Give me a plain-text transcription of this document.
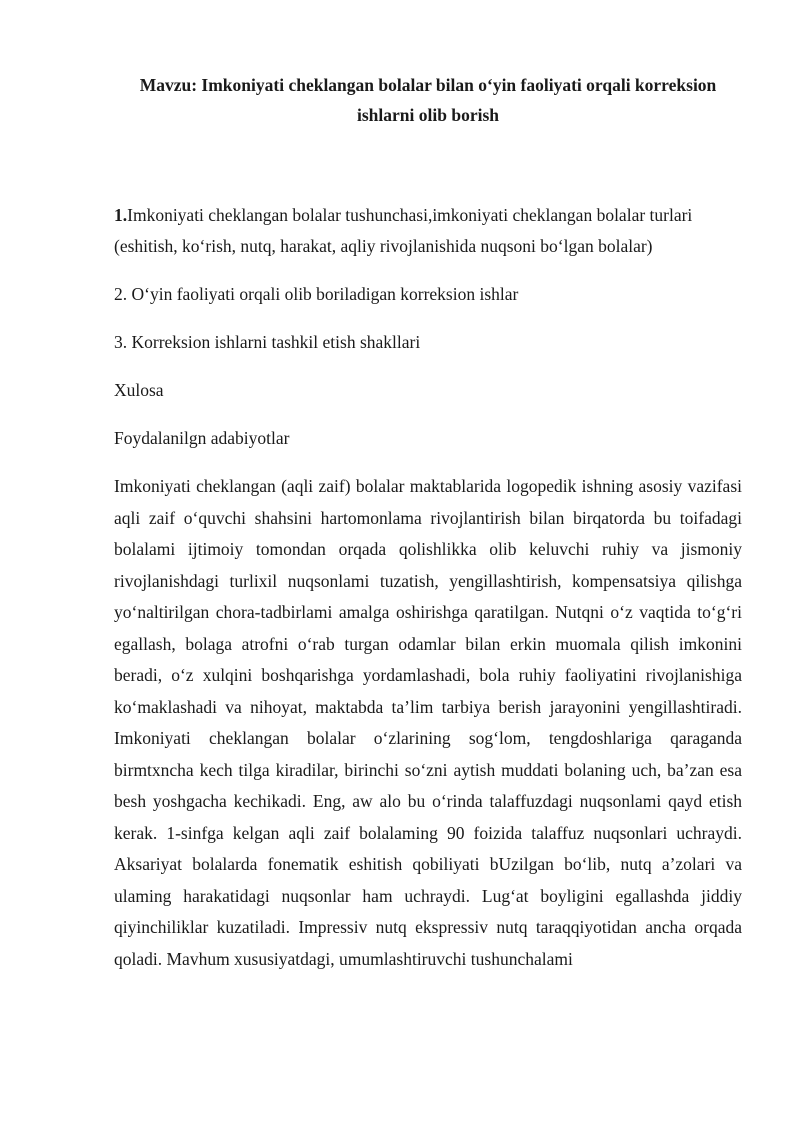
Mavzu: Imkoniyati cheklangan bolalar bilan o‘yin faoliyati orqali korreksion ishlarni olib borish

1.Imkoniyati cheklangan bolalar tushunchasi,imkoniyati cheklangan bolalar turlari (eshitish, ko‘rish, nutq, harakat, aqliy rivojlanishida nuqsoni bo‘lgan bolalar)

2. O‘yin faoliyati orqali olib boriladigan korreksion ishlar

3. Korreksion ishlarni tashkil etish shakllari

Xulosa

Foydalanilgn adabiyotlar

Imkoniyati cheklangan (aqli zaif) bolalar maktablarida logopedik ishning asosiy vazifasi aqli zaif o‘quvchi shahsini hartomonlama rivojlantirish bilan birqatorda bu toifadagi bolalami ijtimoiy tomondan orqada qolishlikka olib keluvchi ruhiy va jismoniy rivojlanishdagi turlixil nuqsonlami tuzatish, yengillashtirish, kompensatsiya qilishga yo‘naltirilgan chora-tadbirlami amalga oshirishga qaratilgan. Nutqni o‘z vaqtida to‘g‘ri egallash, bolaga atrofni o‘rab turgan odamlar bilan erkin muomala qilish imkonini beradi, o‘z xulqini boshqarishga yordamlashadi, bola ruhiy faoliyatini rivojlanishiga ko‘maklashadi va nihoyat, maktabda ta’lim tarbiya berish jarayonini yengillashtiradi. Imkoniyati cheklangan bolalar o‘zlarining sog‘lom, tengdoshlariga qaraganda birmtxncha kech tilga kiradilar, birinchi so‘zni aytish muddati bolaning uch, ba’zan esa besh yoshgacha kechikadi. Eng, aw alo bu o‘rinda talaffuzdagi nuqsonlami qayd etish kerak. 1-sinfga kelgan aqli zaif bolalaming 90 foizida talaffuz nuqsonlari uchraydi. Aksariyat bolalarda fonematik eshitish qobiliyati bUzilgan bo‘lib, nutq a’zolari va ulaming harakatidagi nuqsonlar ham uchraydi. Lug‘at boyligini egallashda jiddiy qiyinchiliklar kuzatiladi. Impressiv nutq ekspressiv nutq taraqqiyotidan ancha orqada qoladi. Mavhum xususiyatdagi, umumlashtiruvchi tushunchalami
